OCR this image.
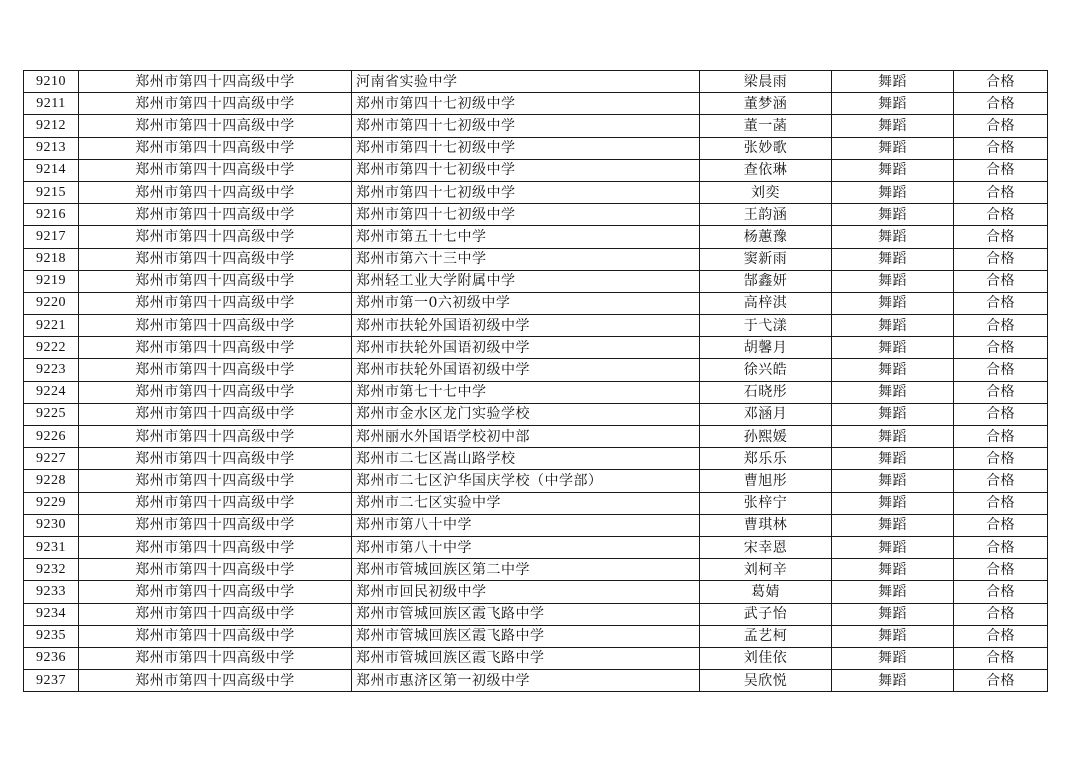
9210	郑州市第四十四高级中学	河南省实验中学	梁晨雨	舞蹈	合格
9211	郑州市第四十四高级中学	郑州市第四十七初级中学	董梦涵	舞蹈	合格
9212	郑州市第四十四高级中学	郑州市第四十七初级中学	董一菡	舞蹈	合格
9213	郑州市第四十四高级中学	郑州市第四十七初级中学	张妙歌	舞蹈	合格
9214	郑州市第四十四高级中学	郑州市第四十七初级中学	查依琳	舞蹈	合格
9215	郑州市第四十四高级中学	郑州市第四十七初级中学	刘奕	舞蹈	合格
9216	郑州市第四十四高级中学	郑州市第四十七初级中学	王韵涵	舞蹈	合格
9217	郑州市第四十四高级中学	郑州市第五十七中学	杨蕙豫	舞蹈	合格
9218	郑州市第四十四高级中学	郑州市第六十三中学	窦新雨	舞蹈	合格
9219	郑州市第四十四高级中学	郑州轻工业大学附属中学	郜鑫妍	舞蹈	合格
9220	郑州市第四十四高级中学	郑州市第一0六初级中学	高梓淇	舞蹈	合格
9221	郑州市第四十四高级中学	郑州市扶轮外国语初级中学	于弋漾	舞蹈	合格
9222	郑州市第四十四高级中学	郑州市扶轮外国语初级中学	胡馨月	舞蹈	合格
9223	郑州市第四十四高级中学	郑州市扶轮外国语初级中学	徐兴皓	舞蹈	合格
9224	郑州市第四十四高级中学	郑州市第七十七中学	石晓彤	舞蹈	合格
9225	郑州市第四十四高级中学	郑州市金水区龙门实验学校	邓涵月	舞蹈	合格
9226	郑州市第四十四高级中学	郑州丽水外国语学校初中部	孙熙媛	舞蹈	合格
9227	郑州市第四十四高级中学	郑州市二七区嵩山路学校	郑乐乐	舞蹈	合格
9228	郑州市第四十四高级中学	郑州市二七区沪华国庆学校（中学部）	曹旭彤	舞蹈	合格
9229	郑州市第四十四高级中学	郑州市二七区实验中学	张梓宁	舞蹈	合格
9230	郑州市第四十四高级中学	郑州市第八十中学	曹琪林	舞蹈	合格
9231	郑州市第四十四高级中学	郑州市第八十中学	宋幸恩	舞蹈	合格
9232	郑州市第四十四高级中学	郑州市管城回族区第二中学	刘柯辛	舞蹈	合格
9233	郑州市第四十四高级中学	郑州市回民初级中学	葛婧	舞蹈	合格
9234	郑州市第四十四高级中学	郑州市管城回族区霞飞路中学	武子怡	舞蹈	合格
9235	郑州市第四十四高级中学	郑州市管城回族区霞飞路中学	孟艺柯	舞蹈	合格
9236	郑州市第四十四高级中学	郑州市管城回族区霞飞路中学	刘佳依	舞蹈	合格
9237	郑州市第四十四高级中学	郑州市惠济区第一初级中学	吴欣悦	舞蹈	合格
